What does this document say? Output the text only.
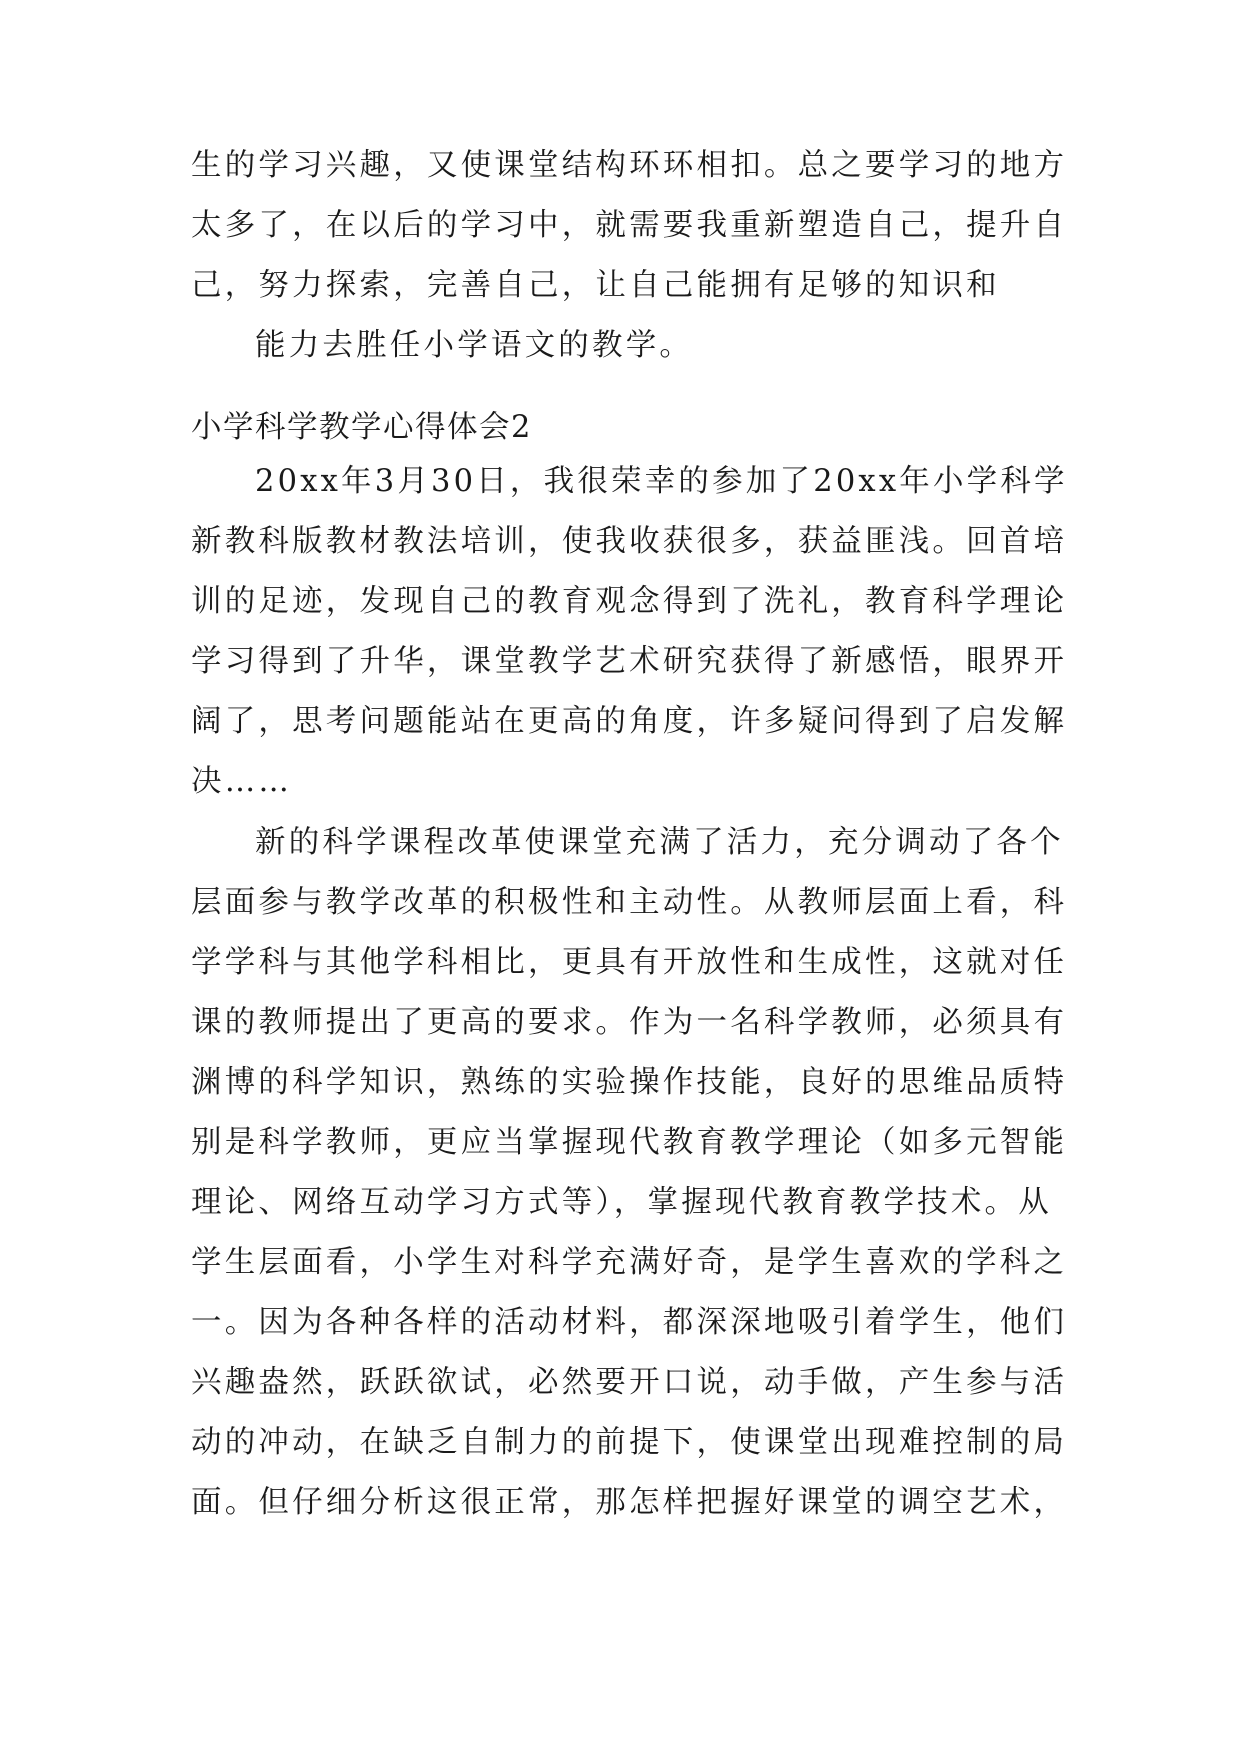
生的学习兴趣，又使课堂结构环环相扣。总之要学习的地方
太多了，在以后的学习中，就需要我重新塑造自己，提升自
己，努力探索，完善自己，让自己能拥有足够的知识和
能力去胜任小学语文的教学。
小学科学教学心得体会2
20xx年3月30日，我很荣幸的参加了20xx年小学科学
新教科版教材教法培训，使我收获很多，获益匪浅。回首培
训的足迹，发现自己的教育观念得到了洗礼，教育科学理论
学习得到了升华，课堂教学艺术研究获得了新感悟，眼界开
阔了，思考问题能站在更高的角度，许多疑问得到了启发解
决……
新的科学课程改革使课堂充满了活力，充分调动了各个
层面参与教学改革的积极性和主动性。从教师层面上看，科
学学科与其他学科相比，更具有开放性和生成性，这就对任
课的教师提出了更高的要求。作为一名科学教师，必须具有
渊博的科学知识，熟练的实验操作技能，良好的思维品质特
别是科学教师，更应当掌握现代教育教学理论（如多元智能
理论、网络互动学习方式等），掌握现代教育教学技术。从
学生层面看，小学生对科学充满好奇，是学生喜欢的学科之
一。因为各种各样的活动材料，都深深地吸引着学生，他们
兴趣盎然，跃跃欲试，必然要开口说，动手做，产生参与活
动的冲动，在缺乏自制力的前提下，使课堂出现难控制的局
面。但仔细分析这很正常，那怎样把握好课堂的调空艺术，
